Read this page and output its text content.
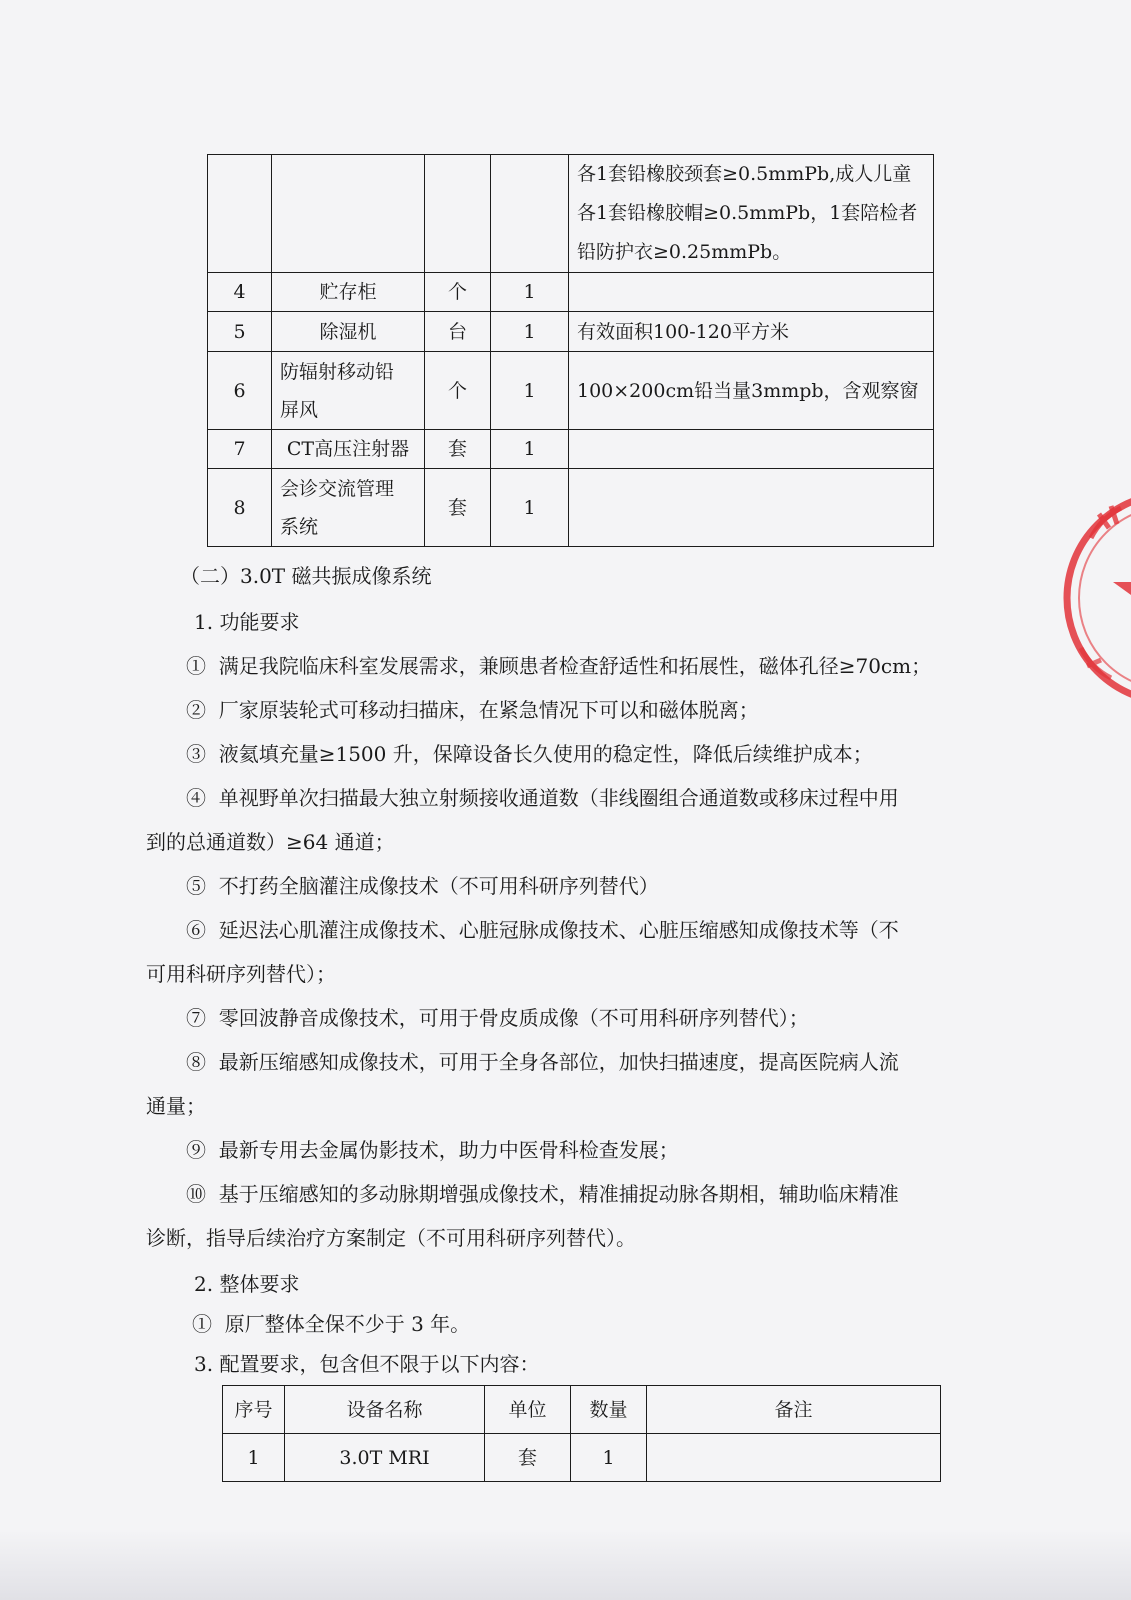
				各1套铅橡胶颈套≥0.5mmPb,成人儿童
各1套铅橡胶帽≥0.5mmPb，1套陪检者
铅防护衣≥0.25mmPb。

4	贮存柜	个	1	
5	除湿机	台	1	有效面积100-120平方米
6	防辐射移动铅
屏风	个	1	100×200cm铅当量3mmpb，含观察窗
7	CT高压注射器	套	1	
8	会诊交流管理
系统	套	1	
（二）3.0T 磁共振成像系统
1. 功能要求
① 满足我院临床科室发展需求，兼顾患者检查舒适性和拓展性，磁体孔径≥70cm；
② 厂家原装轮式可移动扫描床，在紧急情况下可以和磁体脱离；
③ 液氦填充量≥1500 升，保障设备长久使用的稳定性，降低后续维护成本；
④ 单视野单次扫描最大独立射频接收通道数（非线圈组合通道数或移床过程中用
到的总通道数）≥64 通道；
⑤ 不打药全脑灌注成像技术（不可用科研序列替代）
⑥ 延迟法心肌灌注成像技术、心脏冠脉成像技术、心脏压缩感知成像技术等（不
可用科研序列替代）；
⑦ 零回波静音成像技术，可用于骨皮质成像（不可用科研序列替代）；
⑧ 最新压缩感知成像技术，可用于全身各部位，加快扫描速度，提高医院病人流
通量；
⑨ 最新专用去金属伪影技术，助力中医骨科检查发展；
⑩ 基于压缩感知的多动脉期增强成像技术，精准捕捉动脉各期相，辅助临床精准
诊断，指导后续治疗方案制定（不可用科研序列替代）。
2. 整体要求
① 原厂整体全保不少于 3 年。
3. 配置要求，包含但不限于以下内容：
序号	设备名称	单位	数量	备注
1	3.0T MRI	套	1	
